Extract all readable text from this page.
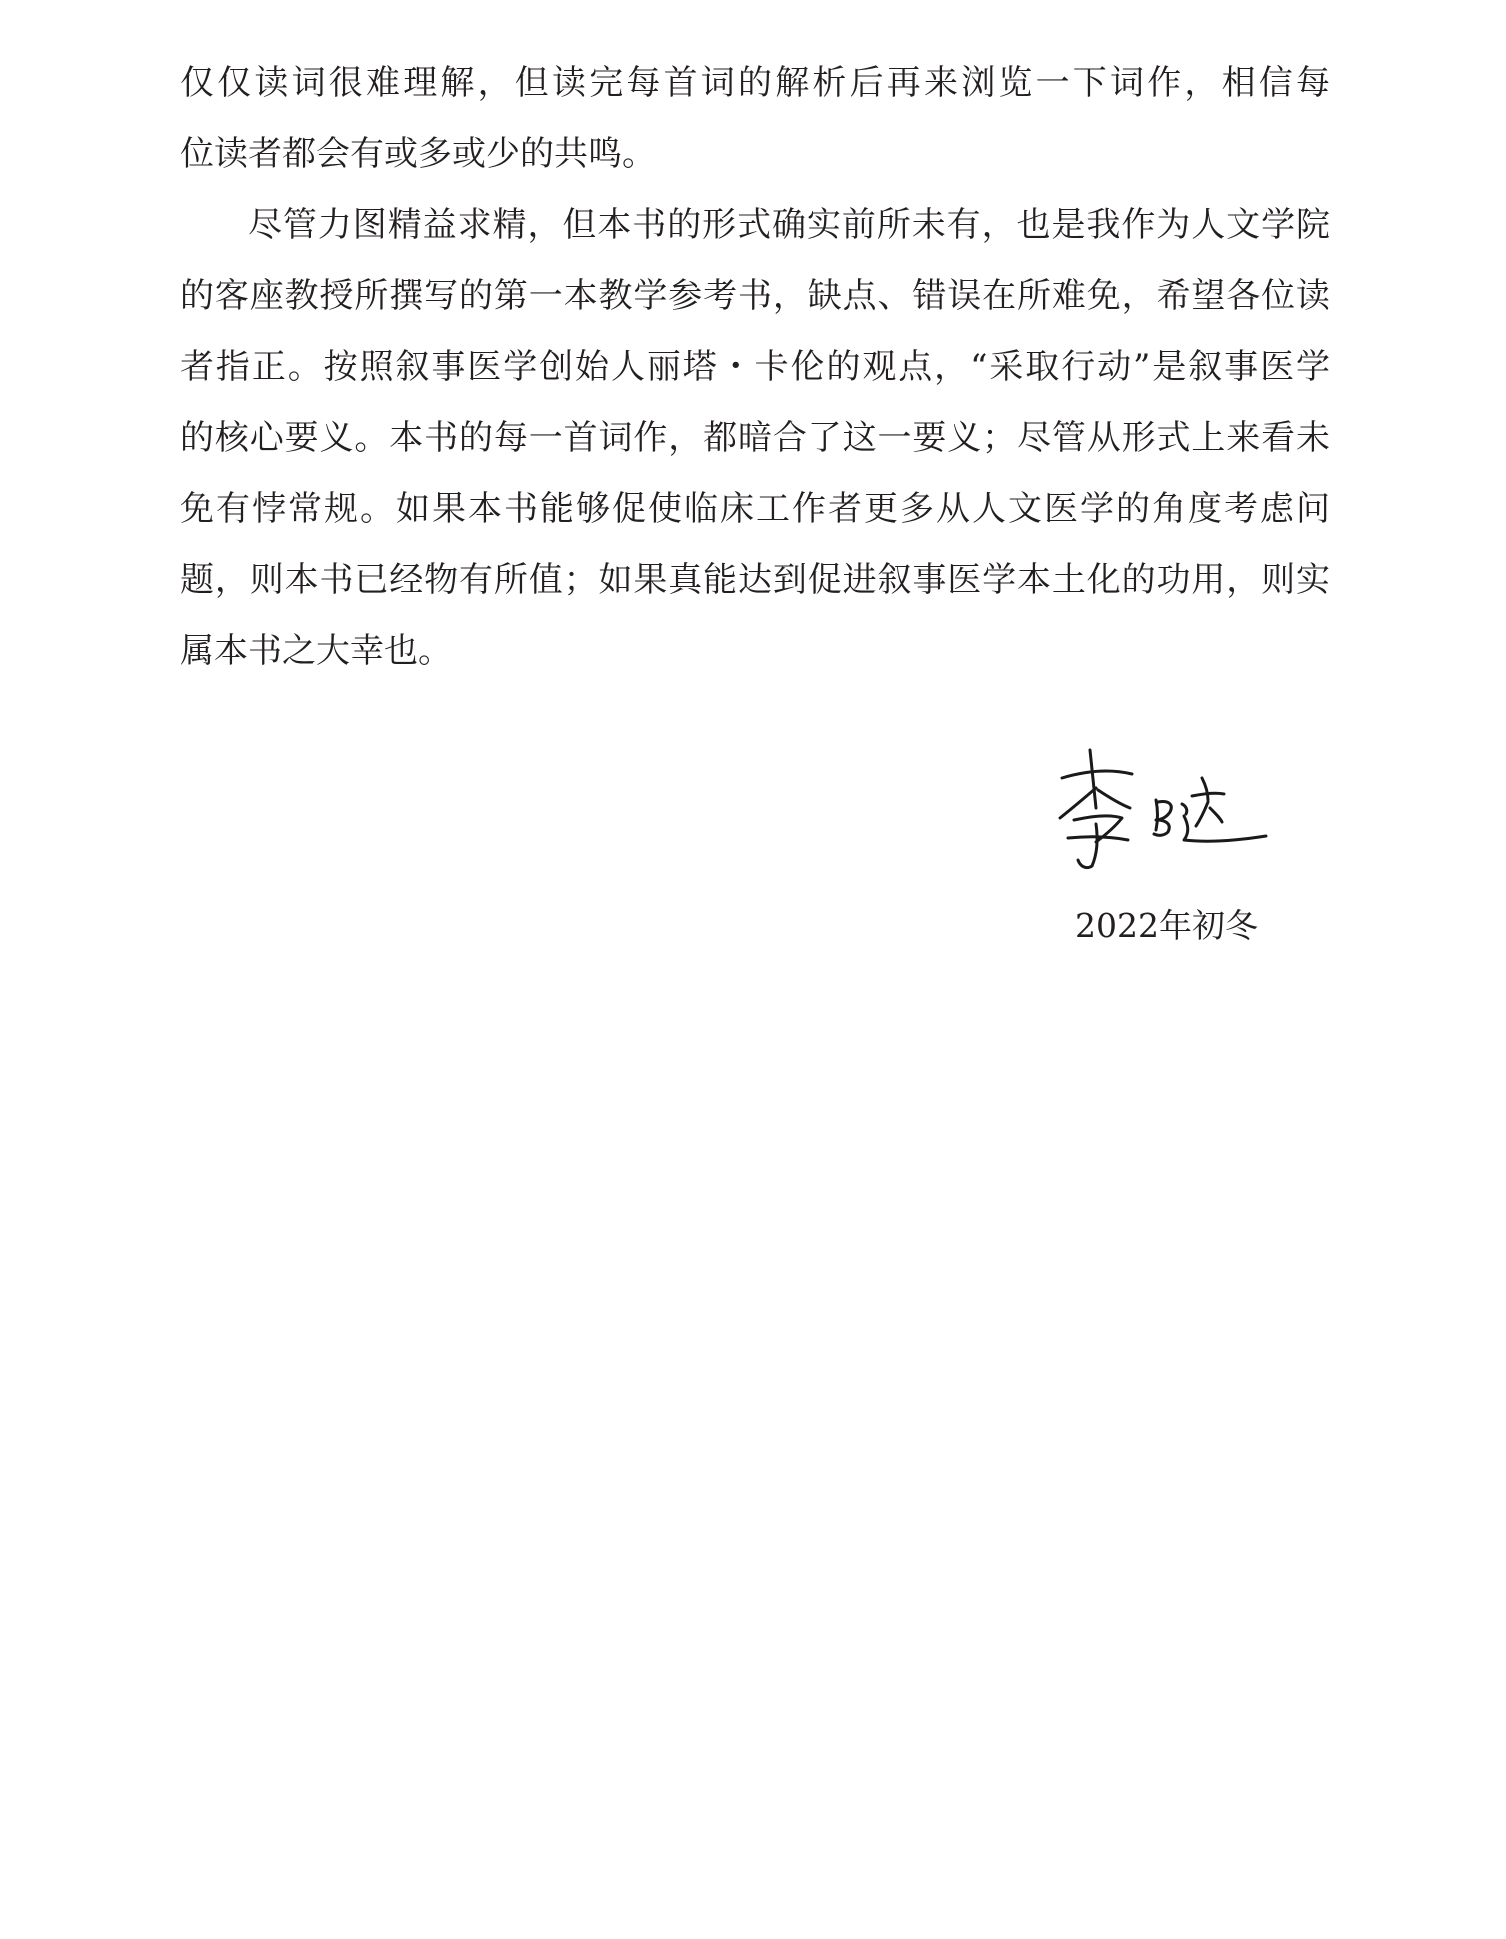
仅仅读词很难理解，但读完每首词的解析后再来浏览一下词作，相信每
位读者都会有或多或少的共鸣。
尽管力图精益求精，但本书的形式确实前所未有，也是我作为人文学院
的客座教授所撰写的第一本教学参考书，缺点、错误在所难免，希望各位读
者指正。按照叙事医学创始人丽塔・卡伦的观点，“采取行动”是叙事医学
的核心要义。本书的每一首词作，都暗合了这一要义；尽管从形式上来看未
免有悖常规。如果本书能够促使临床工作者更多从人文医学的角度考虑问
题，则本书已经物有所值；如果真能达到促进叙事医学本土化的功用，则实
属本书之大幸也。
2022年初冬
